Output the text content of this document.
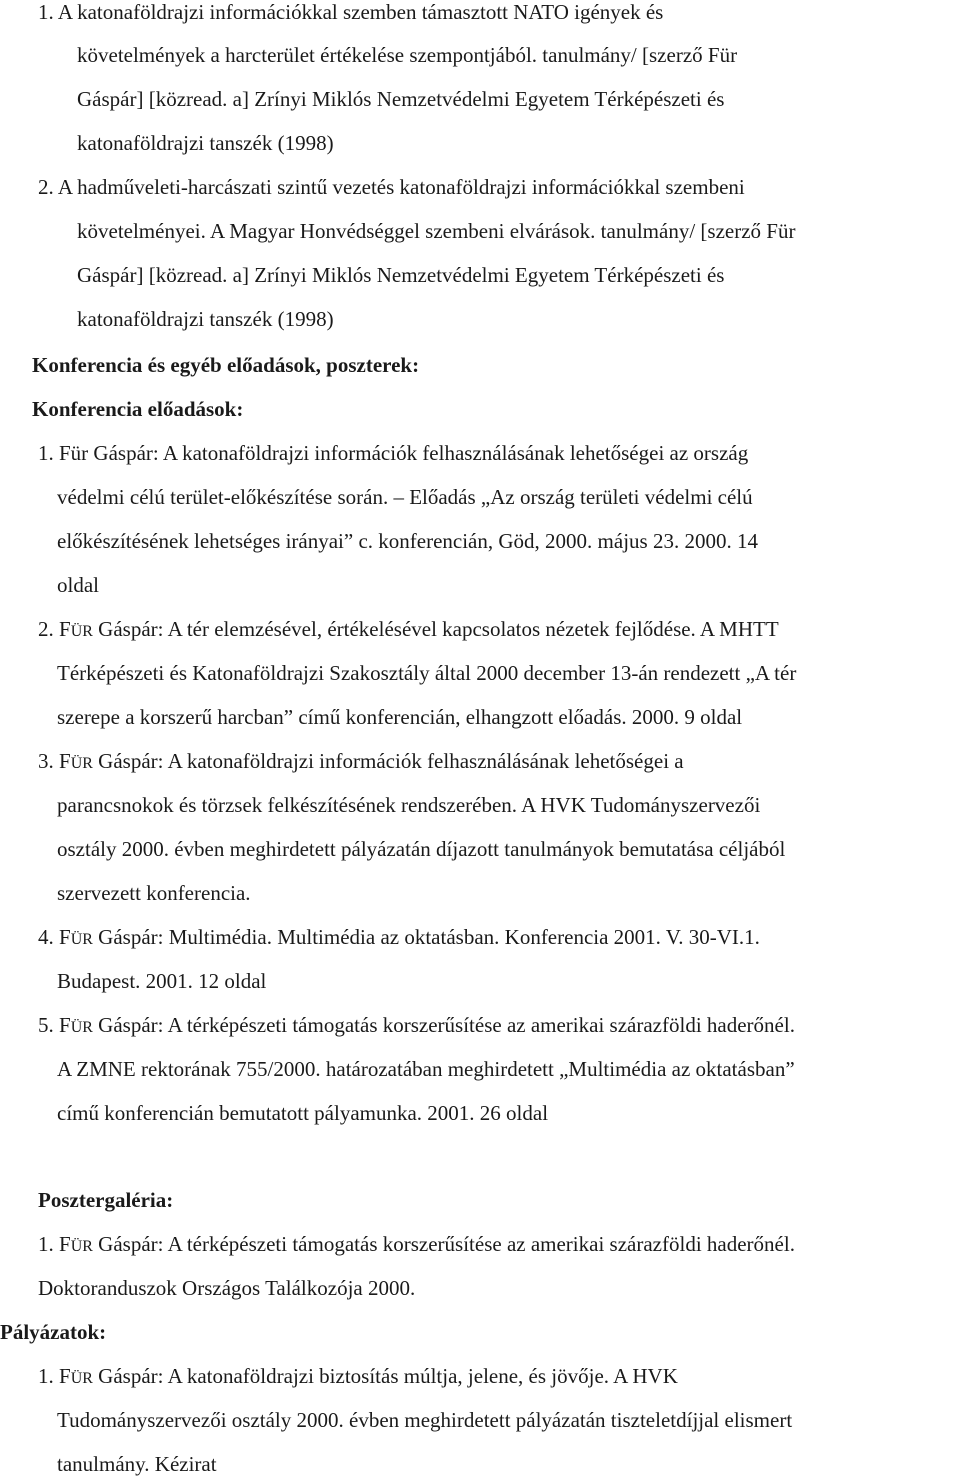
1. A katonaföldrajzi információkkal szemben támasztott NATO igények és
követelmények a harcterület értékelése szempontjából. tanulmány/ [szerző Für
Gáspár] [közread. a] Zrínyi Miklós Nemzetvédelmi Egyetem Térképészeti és
katonaföldrajzi tanszék (1998)
2. A hadműveleti-harcászati szintű vezetés katonaföldrajzi információkkal szembeni
követelményei. A Magyar Honvédséggel szembeni elvárások. tanulmány/ [szerző Für
Gáspár] [közread. a] Zrínyi Miklós Nemzetvédelmi Egyetem Térképészeti és
katonaföldrajzi tanszék (1998)
Konferencia és egyéb előadások, poszterek:
Konferencia előadások:
1. Für Gáspár: A katonaföldrajzi információk felhasználásának lehetőségei az ország
védelmi célú terület-előkészítése során. – Előadás „Az ország területi védelmi célú
előkészítésének lehetséges irányai” c. konferencián, Göd, 2000. május 23. 2000. 14
oldal
2. FÜR Gáspár: A tér elemzésével, értékelésével kapcsolatos nézetek fejlődése. A MHTT
Térképészeti és Katonaföldrajzi Szakosztály által 2000 december 13-án rendezett „A tér
szerepe a korszerű harcban” című konferencián, elhangzott előadás. 2000. 9 oldal
3. FÜR Gáspár: A katonaföldrajzi információk felhasználásának lehetőségei a
parancsnokok és törzsek felkészítésének rendszerében. A HVK Tudományszervezői
osztály 2000. évben meghirdetett pályázatán díjazott tanulmányok bemutatása céljából
szervezett konferencia.
4. FÜR Gáspár: Multimédia. Multimédia az oktatásban. Konferencia 2001. V. 30-VI.1.
Budapest. 2001. 12 oldal
5. FÜR Gáspár: A térképészeti támogatás korszerűsítése az amerikai szárazföldi haderőnél.
A ZMNE rektorának 755/2000. határozatában meghirdetett „Multimédia az oktatásban”
című konferencián bemutatott pályamunka. 2001. 26 oldal
Posztergaléria:
1. FÜR Gáspár: A térképészeti támogatás korszerűsítése az amerikai szárazföldi haderőnél.
Doktoranduszok Országos Találkozója 2000.
Pályázatok:
1. FÜR Gáspár: A katonaföldrajzi biztosítás múltja, jelene, és jövője. A HVK
Tudományszervezői osztály 2000. évben meghirdetett pályázatán tiszteletdíjjal elismert
tanulmány. Kézirat
